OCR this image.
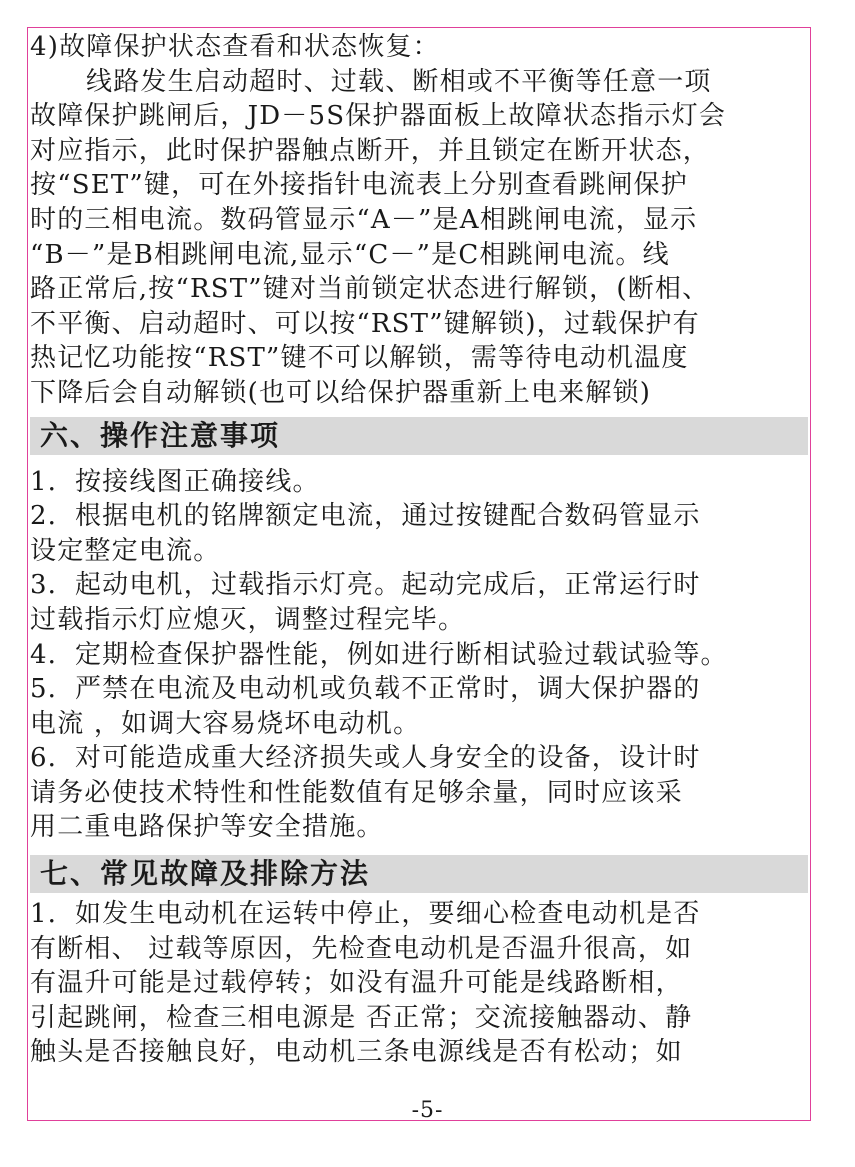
4)故障保护状态查看和状态恢复：
线路发生启动超时、过载、断相或不平衡等任意一项
故障保护跳闸后，JD－5S保护器面板上故障状态指示灯会
对应指示，此时保护器触点断开，并且锁定在断开状态，
按“SET”键，可在外接指针电流表上分别查看跳闸保护
时的三相电流。数码管显示“A－”是A相跳闸电流，显示
“B－”是B相跳闸电流,显示“C－”是C相跳闸电流。线
路正常后,按“RST”键对当前锁定状态进行解锁，(断相、
不平衡、启动超时、可以按“RST”键解锁)，过载保护有
热记忆功能按“RST”键不可以解锁，需等待电动机温度
下降后会自动解锁(也可以给保护器重新上电来解锁)
六、操作注意事项
1．按接线图正确接线。
2．根据电机的铭牌额定电流，通过按键配合数码管显示
设定整定电流。
3．起动电机，过载指示灯亮。起动完成后，正常运行时
过载指示灯应熄灭，调整过程完毕。
4．定期检查保护器性能，例如进行断相试验过载试验等。
5．严禁在电流及电动机或负载不正常时，调大保护器的
电流 ，如调大容易烧坏电动机。
6．对可能造成重大经济损失或人身安全的设备，设计时
请务必使技术特性和性能数值有足够余量，同时应该采
用二重电路保护等安全措施。
七、常见故障及排除方法
1．如发生电动机在运转中停止，要细心检查电动机是否
有断相、 过载等原因，先检查电动机是否温升很高，如
有温升可能是过载停转；如没有温升可能是线路断相，
引起跳闸，检查三相电源是 否正常；交流接触器动、静
触头是否接触良好，电动机三条电源线是否有松动；如
-5-
